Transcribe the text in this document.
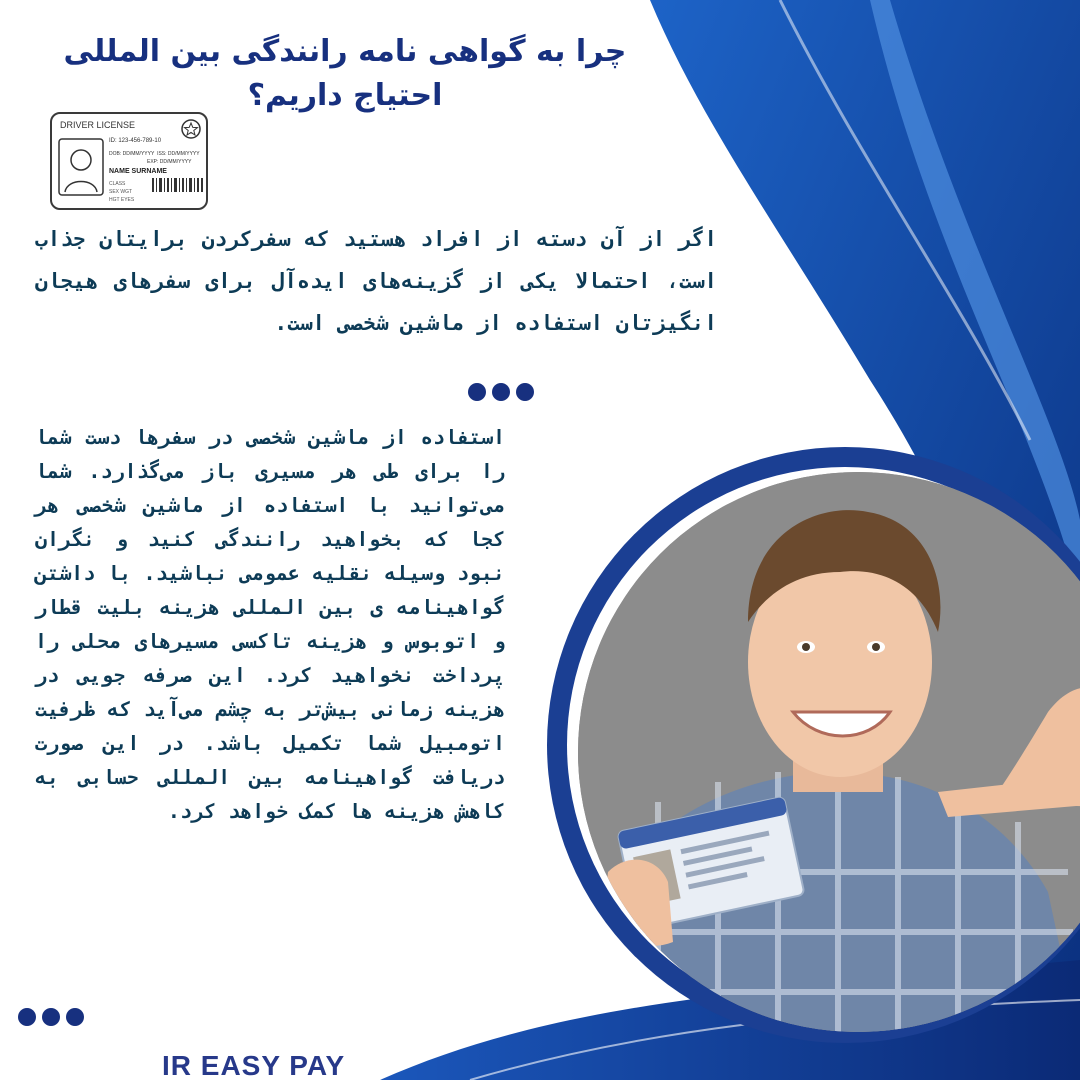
چرا به گواهی نامه رانندگی بین المللی احتیاج داریم؟
DRIVER LICENSE
ID: 123-456-789-10
DOB: DD/MM/YYYY ISS: DD/MM/YYYY
EXP: DD/MM/YYYY
NAME SURNAME
CLASS
SEX WGT
HGT EYES
اگر از آن دسته از افراد هستید که سفرکردن برایتان جذاب است، احتمالا یکی از گزینه‌های ایده‌آل برای سفرهای هیجان انگیزتان استفاده از ماشین شخصی است.
استفاده از ماشین شخصی در سفرها دست شما را برای طی هر مسیری باز می‌گذارد. شما می‌توانید با استفاده از ماشین شخصی هر کجا که بخواهید رانندگی کنید و نگران نبود وسیله نقلیه عمومی نباشید. با داشتن گواهینامه ی بین المللی هزینه بلیت قطار و اتوبوس و هزینه تاکسی مسیرهای محلی را پرداخت نخواهید کرد. این صرفه جویی در هزینه زمانی بیش‌تر به چشم می‌آید که ظرفیت اتومبیل شما تکمیل باشد. در این صورت دریافت گواهینامه بین المللی حسابی به کاهش هزینه ها کمک خواهد کرد.
IR EASY PAY
